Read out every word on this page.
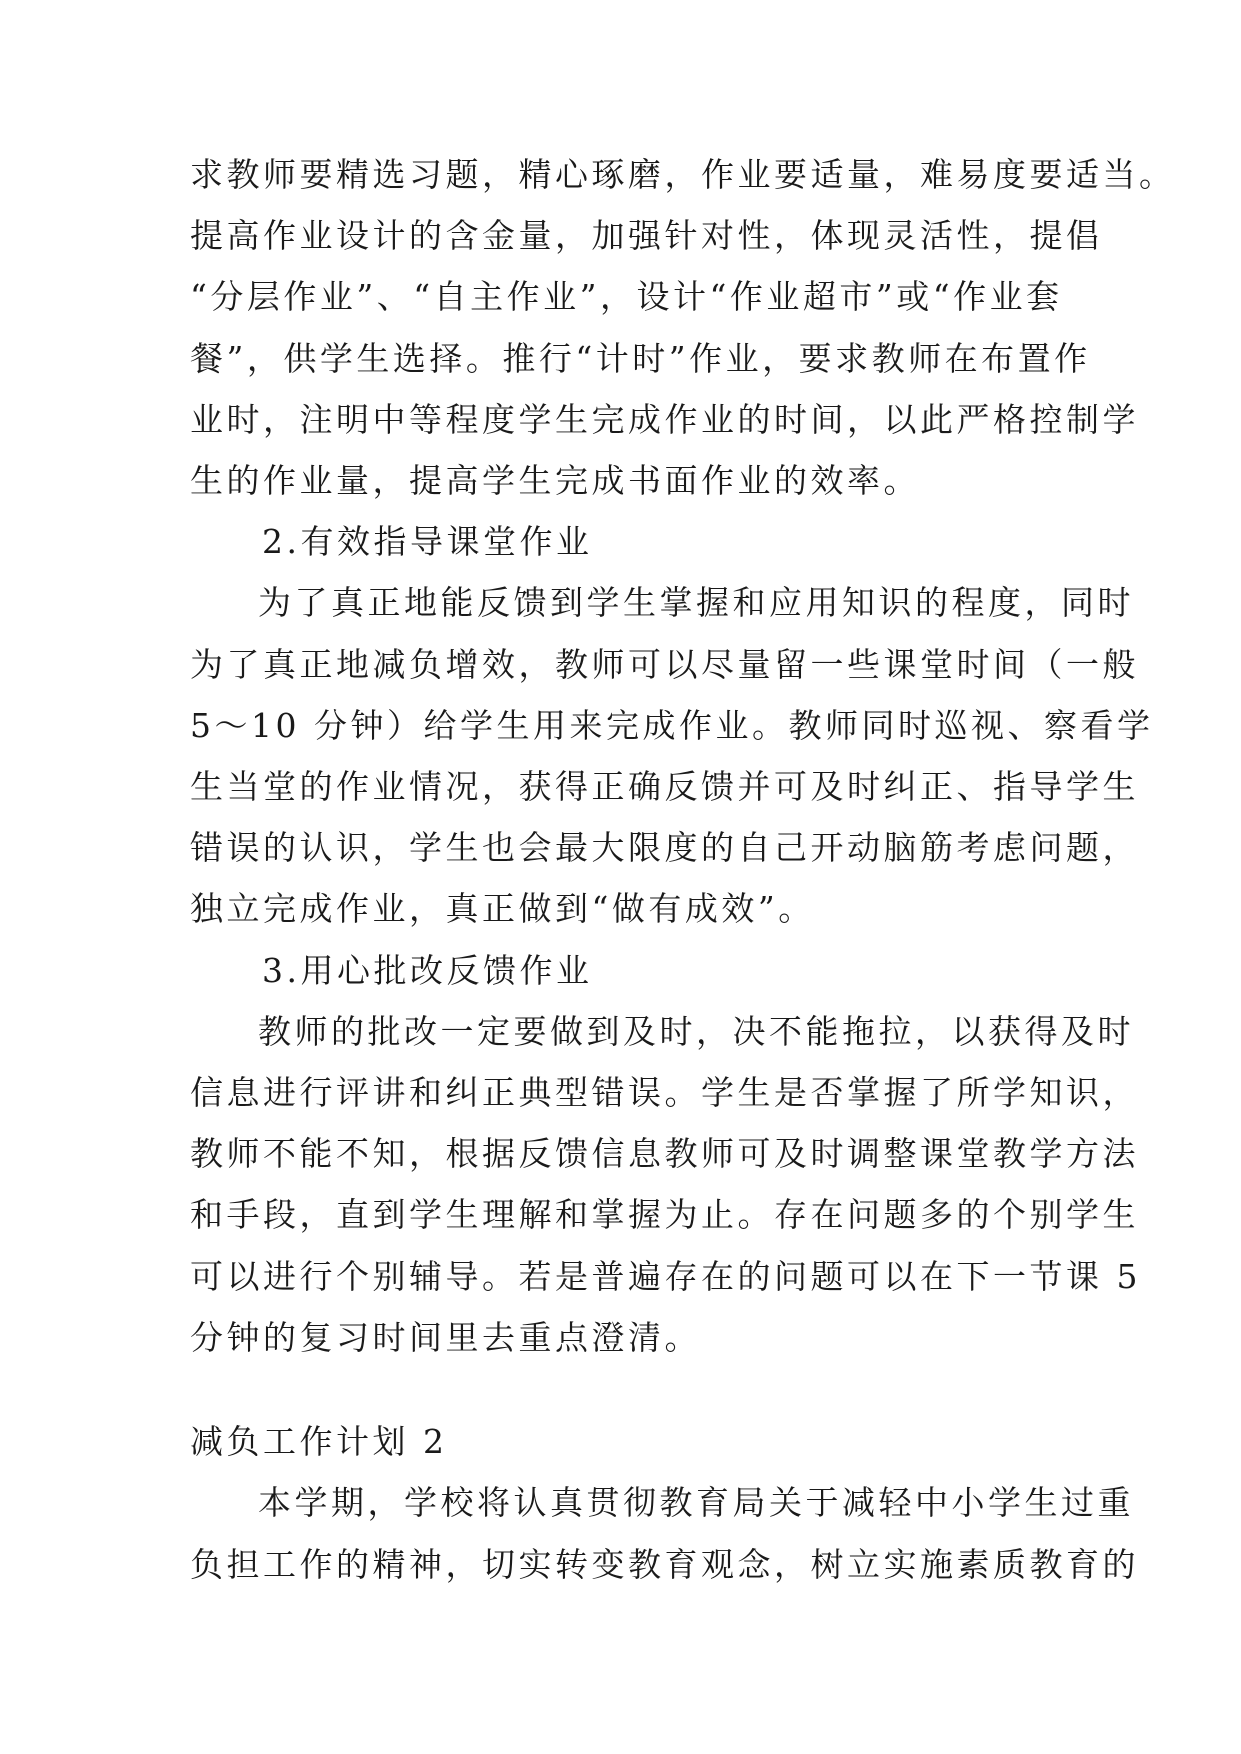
求教师要精选习题，精心琢磨，作业要适量，难易度要适当。
提高作业设计的含金量，加强针对性，体现灵活性，提倡
“分层作业”、“自主作业”，设计“作业超市”或“作业套
餐”，供学生选择。推行“计时”作业，要求教师在布置作
业时，注明中等程度学生完成作业的时间，以此严格控制学
生的作业量，提高学生完成书面作业的效率。
2.有效指导课堂作业
为了真正地能反馈到学生掌握和应用知识的程度，同时
为了真正地减负增效，教师可以尽量留一些课堂时间（一般
5～10 分钟）给学生用来完成作业。教师同时巡视、察看学
生当堂的作业情况，获得正确反馈并可及时纠正、指导学生
错误的认识，学生也会最大限度的自己开动脑筋考虑问题，
独立完成作业，真正做到“做有成效”。
3.用心批改反馈作业
教师的批改一定要做到及时，决不能拖拉，以获得及时
信息进行评讲和纠正典型错误。学生是否掌握了所学知识，
教师不能不知，根据反馈信息教师可及时调整课堂教学方法
和手段，直到学生理解和掌握为止。存在问题多的个别学生
可以进行个别辅导。若是普遍存在的问题可以在下一节课 5
分钟的复习时间里去重点澄清。
减负工作计划 2
本学期，学校将认真贯彻教育局关于减轻中小学生过重
负担工作的精神，切实转变教育观念，树立实施素质教育的
